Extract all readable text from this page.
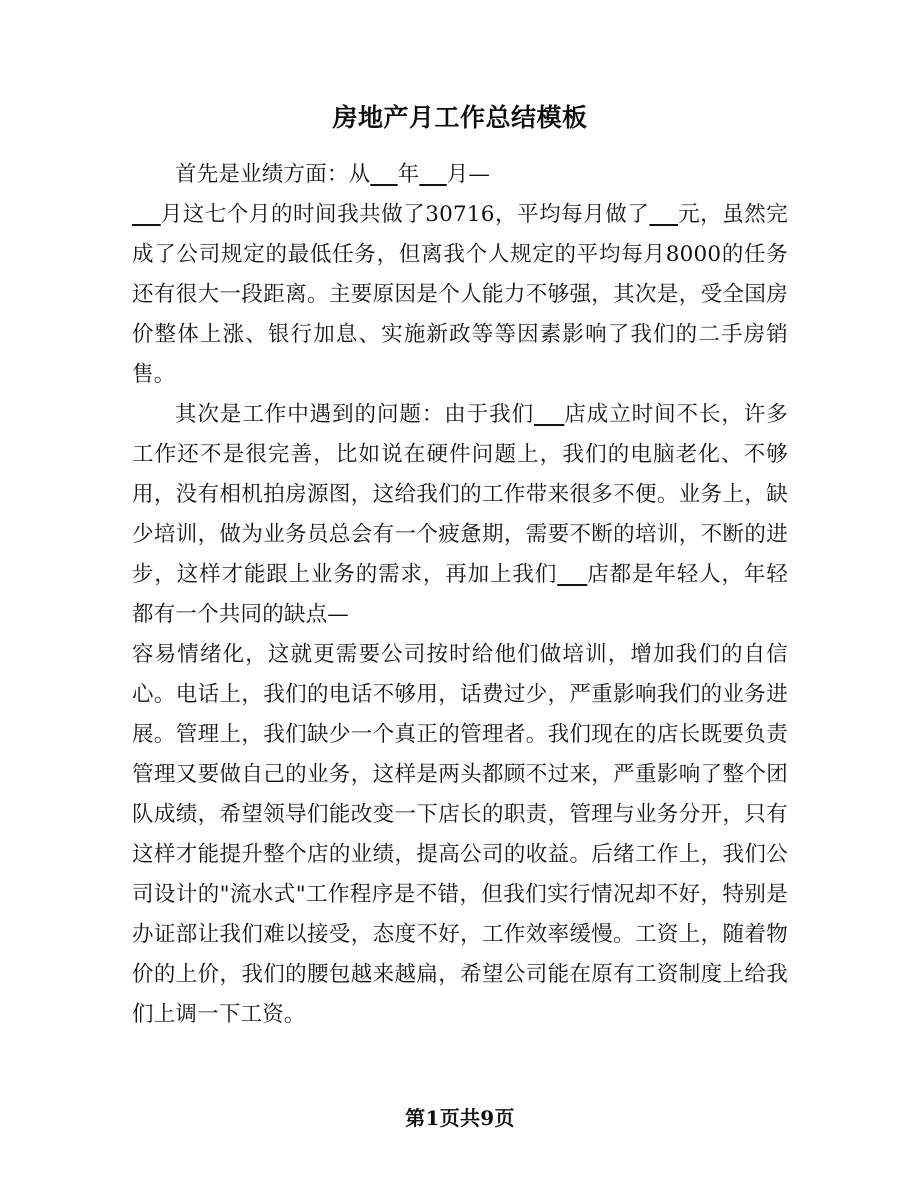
房地产月工作总结模板

首先是业绩方面：从 年 月—
月这七个月的时间我共做了30716，平均每月做了 元，虽然完成了公司规定的最低任务，但离我个人规定的平均每月8000的任务还有很大一段距离。主要原因是个人能力不够强，其次是，受全国房价整体上涨、银行加息、实施新政等等因素影响了我们的二手房销售。

其次是工作中遇到的问题：由于我们 店成立时间不长，许多工作还不是很完善，比如说在硬件问题上，我们的电脑老化、不够用，没有相机拍房源图，这给我们的工作带来很多不便。业务上，缺少培训，做为业务员总会有一个疲惫期，需要不断的培训，不断的进步，这样才能跟上业务的需求，再加上我们 店都是年轻人，年轻都有一个共同的缺点—

容易情绪化，这就更需要公司按时给他们做培训，增加我们的自信心。电话上，我们的电话不够用，话费过少，严重影响我们的业务进展。管理上，我们缺少一个真正的管理者。我们现在的店长既要负责管理又要做自己的业务，这样是两头都顾不过来，严重影响了整个团队成绩，希望领导们能改变一下店长的职责，管理与业务分开，只有这样才能提升整个店的业绩，提高公司的收益。后绪工作上，我们公司设计的"流水式"工作程序是不错，但我们实行情况却不好，特别是办证部让我们难以接受，态度不好，工作效率缓慢。工资上，随着物价的上价，我们的腰包越来越扁，希望公司能在原有工资制度上给我们上调一下工资。

第1页共9页
